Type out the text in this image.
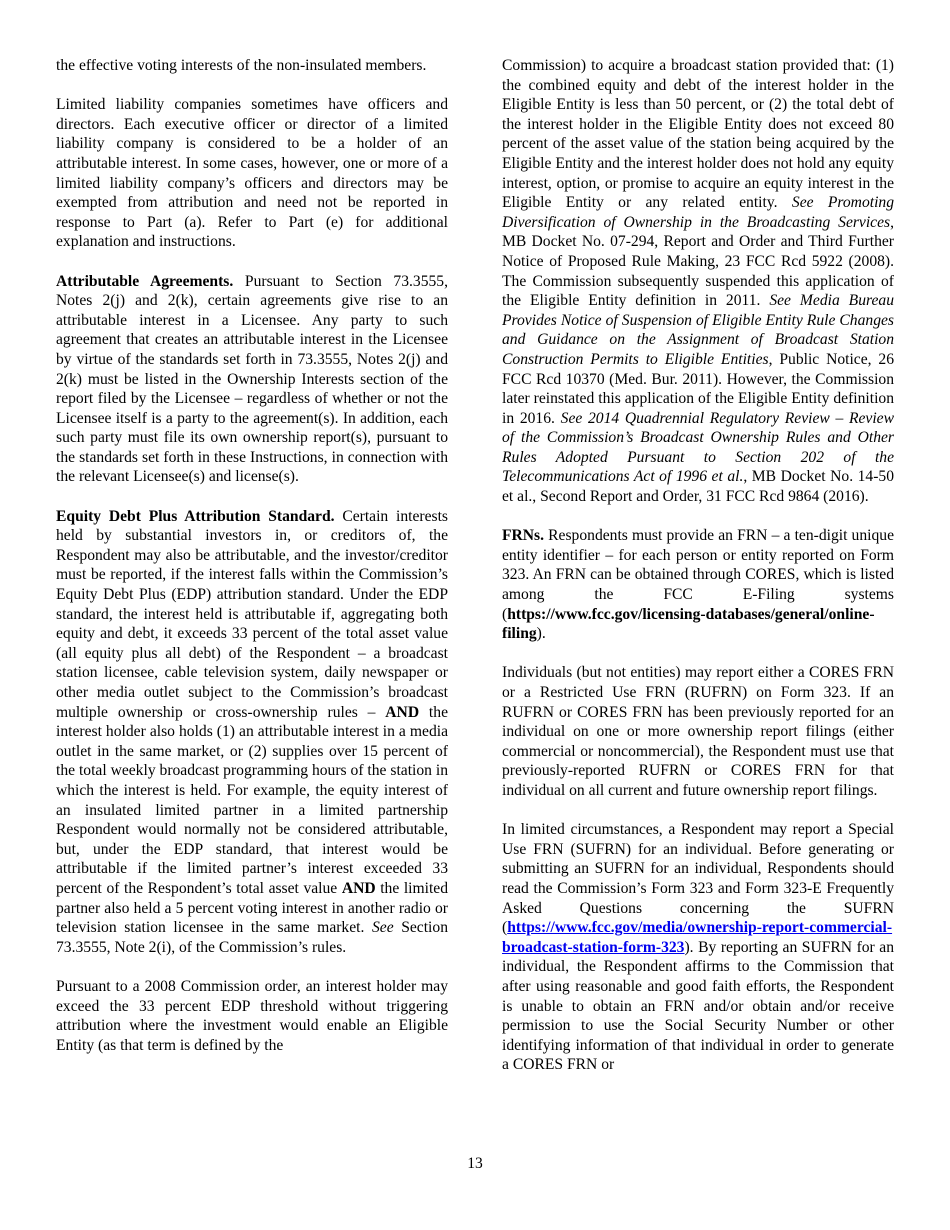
the effective voting interests of the non-insulated members.

Limited liability companies sometimes have officers and directors. Each executive officer or director of a limited liability company is considered to be a holder of an attributable interest. In some cases, however, one or more of a limited liability company’s officers and directors may be exempted from attribution and need not be reported in response to Part (a). Refer to Part (e) for additional explanation and instructions.

Attributable Agreements. Pursuant to Section 73.3555, Notes 2(j) and 2(k), certain agreements give rise to an attributable interest in a Licensee. Any party to such agreement that creates an attributable interest in the Licensee by virtue of the standards set forth in 73.3555, Notes 2(j) and 2(k) must be listed in the Ownership Interests section of the report filed by the Licensee – regardless of whether or not the Licensee itself is a party to the agreement(s). In addition, each such party must file its own ownership report(s), pursuant to the standards set forth in these Instructions, in connection with the relevant Licensee(s) and license(s).

Equity Debt Plus Attribution Standard. Certain interests held by substantial investors in, or creditors of, the Respondent may also be attributable, and the investor/creditor must be reported, if the interest falls within the Commission’s Equity Debt Plus (EDP) attribution standard. Under the EDP standard, the interest held is attributable if, aggregating both equity and debt, it exceeds 33 percent of the total asset value (all equity plus all debt) of the Respondent – a broadcast station licensee, cable television system, daily newspaper or other media outlet subject to the Commission’s broadcast multiple ownership or cross-ownership rules – AND the interest holder also holds (1) an attributable interest in a media outlet in the same market, or (2) supplies over 15 percent of the total weekly broadcast programming hours of the station in which the interest is held. For example, the equity interest of an insulated limited partner in a limited partnership Respondent would normally not be considered attributable, but, under the EDP standard, that interest would be attributable if the limited partner’s interest exceeded 33 percent of the Respondent’s total asset value AND the limited partner also held a 5 percent voting interest in another radio or television station licensee in the same market. See Section 73.3555, Note 2(i), of the Commission’s rules.

Pursuant to a 2008 Commission order, an interest holder may exceed the 33 percent EDP threshold without triggering attribution where the investment would enable an Eligible Entity (as that term is defined by the

Commission) to acquire a broadcast station provided that: (1) the combined equity and debt of the interest holder in the Eligible Entity is less than 50 percent, or (2) the total debt of the interest holder in the Eligible Entity does not exceed 80 percent of the asset value of the station being acquired by the Eligible Entity and the interest holder does not hold any equity interest, option, or promise to acquire an equity interest in the Eligible Entity or any related entity. See Promoting Diversification of Ownership in the Broadcasting Services, MB Docket No. 07-294, Report and Order and Third Further Notice of Proposed Rule Making, 23 FCC Rcd 5922 (2008). The Commission subsequently suspended this application of the Eligible Entity definition in 2011. See Media Bureau Provides Notice of Suspension of Eligible Entity Rule Changes and Guidance on the Assignment of Broadcast Station Construction Permits to Eligible Entities, Public Notice, 26 FCC Rcd 10370 (Med. Bur. 2011). However, the Commission later reinstated this application of the Eligible Entity definition in 2016. See 2014 Quadrennial Regulatory Review – Review of the Commission’s Broadcast Ownership Rules and Other Rules Adopted Pursuant to Section 202 of the Telecommunications Act of 1996 et al., MB Docket No. 14-50 et al., Second Report and Order, 31 FCC Rcd 9864 (2016).

FRNs. Respondents must provide an FRN – a ten-digit unique entity identifier – for each person or entity reported on Form 323. An FRN can be obtained through CORES, which is listed among the FCC E-Filing systems (https://www.fcc.gov/licensing-databases/general/online-filing).

Individuals (but not entities) may report either a CORES FRN or a Restricted Use FRN (RUFRN) on Form 323. If an RUFRN or CORES FRN has been previously reported for an individual on one or more ownership report filings (either commercial or noncommercial), the Respondent must use that previously-reported RUFRN or CORES FRN for that individual on all current and future ownership report filings.

In limited circumstances, a Respondent may report a Special Use FRN (SUFRN) for an individual. Before generating or submitting an SUFRN for an individual, Respondents should read the Commission’s Form 323 and Form 323-E Frequently Asked Questions concerning the SUFRN (https://www.fcc.gov/media/ownership-report-commercial-broadcast-station-form-323). By reporting an SUFRN for an individual, the Respondent affirms to the Commission that after using reasonable and good faith efforts, the Respondent is unable to obtain an FRN and/or obtain and/or receive permission to use the Social Security Number or other identifying information of that individual in order to generate a CORES FRN or

13
